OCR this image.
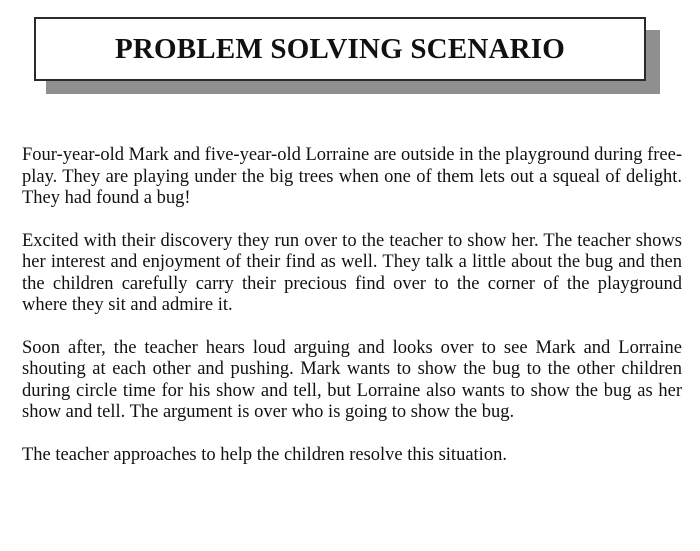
PROBLEM SOLVING SCENARIO

Four-year-old Mark and five-year-old Lorraine are outside in the playground during free-play. They are playing under the big trees when one of them lets out a squeal of delight. They had found a bug!

Excited with their discovery they run over to the teacher to show her. The teacher shows her interest and enjoyment of their find as well. They talk a little about the bug and then the children carefully carry their precious find over to the corner of the playground where they sit and admire it.

Soon after, the teacher hears loud arguing and looks over to see Mark and Lorraine shouting at each other and pushing. Mark wants to show the bug to the other children during circle time for his show and tell, but Lorraine also wants to show the bug as her show and tell. The argument is over who is going to show the bug.

The teacher approaches to help the children resolve this situation.
